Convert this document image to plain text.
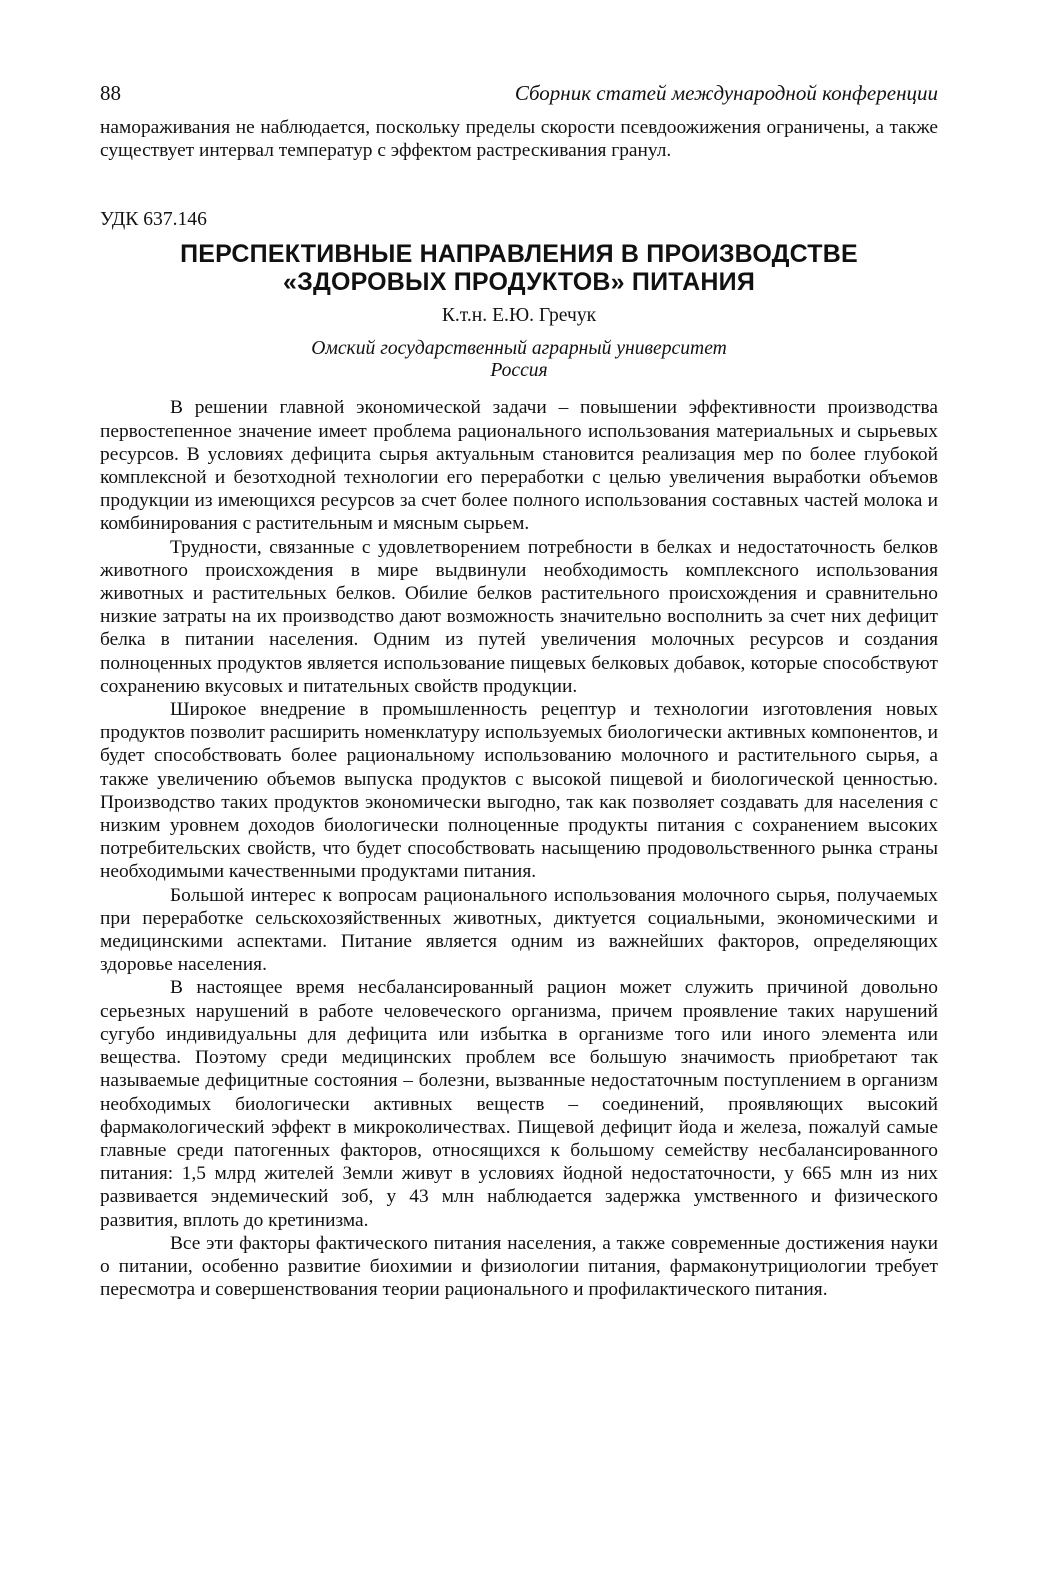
88	Сборник статей международной конференции

намораживания не наблюдается, поскольку пределы скорости псевдоожижения ограничены, а также существует интервал температур с эффектом растрескивания гранул.

УДК 637.146
ПЕРСПЕКТИВНЫЕ НАПРАВЛЕНИЯ В ПРОИЗВОДСТВЕ
«ЗДОРОВЫХ ПРОДУКТОВ» ПИТАНИЯ
К.т.н. Е.Ю. Гречук
Омский государственный аграрный университет
Россия

В решении главной экономической задачи – повышении эффективности производства первостепенное значение имеет проблема рационального использования материальных и сырьевых ресурсов. В условиях дефицита сырья актуальным становится реализация мер по более глубокой комплексной и безотходной технологии его переработки с целью увеличения выработки объемов продукции из имеющихся ресурсов за счет более полного использования составных частей молока и комбинирования с растительным и мясным сырьем.

Трудности, связанные с удовлетворением потребности в белках и недостаточность белков животного происхождения в мире выдвинули необходимость комплексного использования животных и растительных белков. Обилие белков растительного происхождения и сравнительно низкие затраты на их производство дают возможность значительно восполнить за счет них дефицит белка в питании населения. Одним из путей увеличения молочных ресурсов и создания полноценных продуктов является использование пищевых белковых добавок, которые способствуют сохранению вкусовых и питательных свойств продукции.

Широкое внедрение в промышленность рецептур и технологии изготовления новых продуктов позволит расширить номенклатуру используемых биологически активных компонентов, и будет способствовать более рациональному использованию молочного и растительного сырья, а также увеличению объемов выпуска продуктов с высокой пищевой и биологической ценностью. Производство таких продуктов экономически выгодно, так как позволяет создавать для населения с низким уровнем доходов биологически полноценные продукты питания с сохранением высоких потребительских свойств, что будет способствовать насыщению продовольственного рынка страны необходимыми качественными продуктами питания.

Большой интерес к вопросам рационального использования молочного сырья, получаемых при переработке сельскохозяйственных животных, диктуется социальными, экономическими и медицинскими аспектами. Питание является одним из важнейших факторов, определяющих здоровье населения.

В настоящее время несбалансированный рацион может служить причиной довольно серьезных нарушений в работе человеческого организма, причем проявление таких нарушений сугубо индивидуальны для дефицита или избытка в организме того или иного элемента или вещества. Поэтому среди медицинских проблем все большую значимость приобретают так называемые дефицитные состояния – болезни, вызванные недостаточным поступлением в организм необходимых биологически активных веществ – соединений, проявляющих высокий фармакологический эффект в микроколичествах. Пищевой дефицит йода и железа, пожалуй самые главные среди патогенных факторов, относящихся к большому семейству несбалансированного питания: 1,5 млрд жителей Земли живут в условиях йодной недостаточности, у 665 млн из них развивается эндемический зоб, у 43 млн наблюдается задержка умственного и физического развития, вплоть до кретинизма.

Все эти факторы фактического питания населения, а также современные достижения науки о питании, особенно развитие биохимии и физиологии питания, фармаконутрициологии требует пересмотра и совершенствования теории рационального и профилактического питания.
